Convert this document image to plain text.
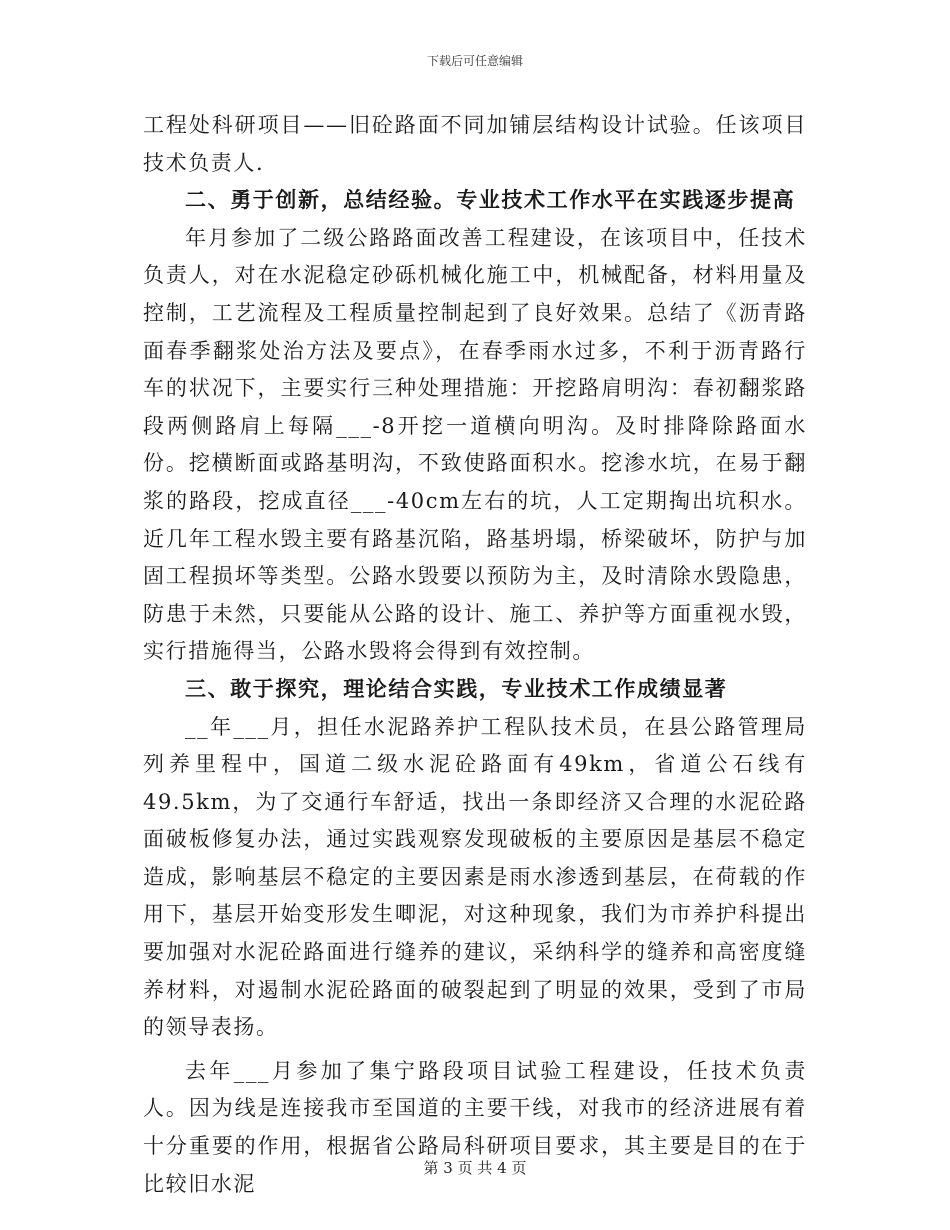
下载后可任意编辑

工程处科研项目——旧砼路面不同加铺层结构设计试验。任该项目技术负责人.

二、勇于创新，总结经验。专业技术工作水平在实践逐步提高

年月参加了二级公路路面改善工程建设，在该项目中，任技术负责人，对在水泥稳定砂砾机械化施工中，机械配备，材料用量及控制，工艺流程及工程质量控制起到了良好效果。总结了《沥青路面春季翻浆处治方法及要点》，在春季雨水过多，不利于沥青路行车的状况下，主要实行三种处理措施：开挖路肩明沟：春初翻浆路段两侧路肩上每隔___-8开挖一道横向明沟。及时排降除路面水份。挖横断面或路基明沟，不致使路面积水。挖渗水坑，在易于翻浆的路段，挖成直径___-40cm左右的坑，人工定期掏出坑积水。近几年工程水毁主要有路基沉陷，路基坍塌，桥梁破坏，防护与加固工程损坏等类型。公路水毁要以预防为主，及时清除水毁隐患，防患于未然，只要能从公路的设计、施工、养护等方面重视水毁，实行措施得当，公路水毁将会得到有效控制。

三、敢于探究，理论结合实践，专业技术工作成绩显著

__年___月，担任水泥路养护工程队技术员，在县公路管理局列养里程中，国道二级水泥砼路面有49km，省道公石线有49.5km，为了交通行车舒适，找出一条即经济又合理的水泥砼路面破板修复办法，通过实践观察发现破板的主要原因是基层不稳定造成，影响基层不稳定的主要因素是雨水渗透到基层，在荷载的作用下，基层开始变形发生唧泥，对这种现象，我们为市养护科提出要加强对水泥砼路面进行缝养的建议，采纳科学的缝养和高密度缝养材料，对遏制水泥砼路面的破裂起到了明显的效果，受到了市局的领导表扬。

去年___月参加了集宁路段项目试验工程建设，任技术负责人。因为线是连接我市至国道的主要干线，对我市的经济进展有着十分重要的作用，根据省公路局科研项目要求，其主要是目的在于比较旧水泥

第 3 页 共 4 页
